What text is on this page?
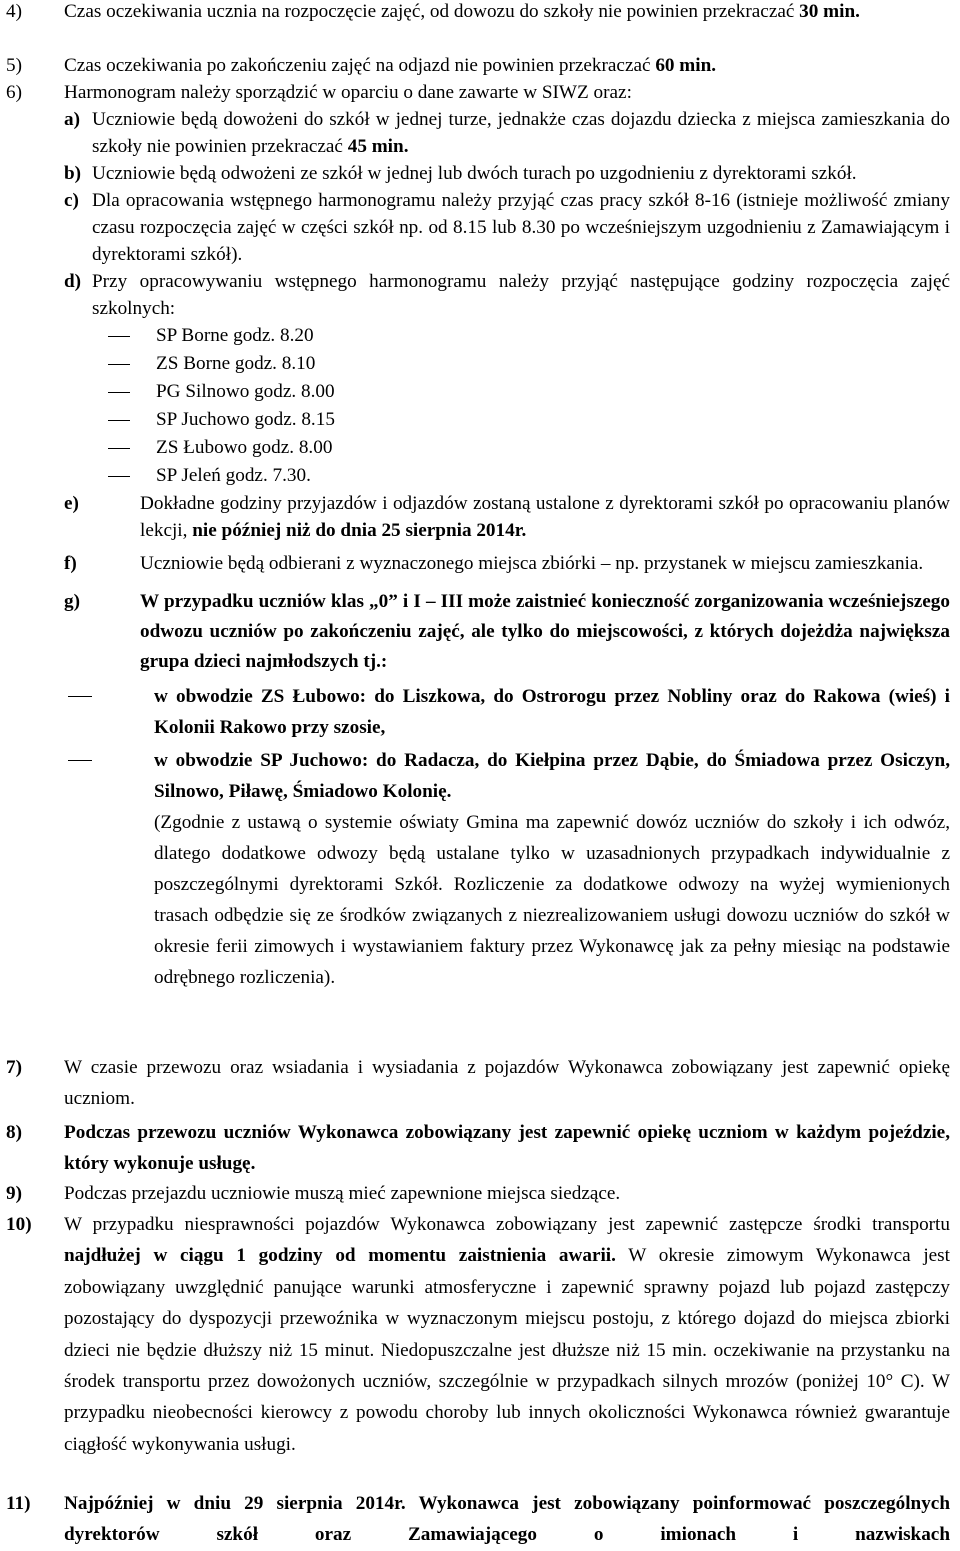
4)	Czas oczekiwania ucznia na rozpoczęcie zajęć, od dowozu do szkoły nie powinien przekraczać 30 min.
5)	Czas oczekiwania po zakończeniu zajęć na odjazd nie powinien przekraczać 60 min.
6)	Harmonogram należy sporządzić w oparciu o dane zawarte w SIWZ oraz:
a) Uczniowie będą dowożeni do szkół w jednej turze, jednakże czas dojazdu dziecka z miejsca zamieszkania do szkoły nie powinien przekraczać 45 min.
b) Uczniowie będą odwożeni ze szkół w jednej lub dwóch turach po uzgodnieniu z dyrektorami szkół.
c) Dla opracowania wstępnego harmonogramu należy przyjąć czas pracy szkół 8-16 (istnieje możliwość zmiany czasu rozpoczęcia zajęć w części szkół np. od 8.15 lub 8.30 po wcześniejszym uzgodnieniu z Zamawiającym i dyrektorami szkół).
d) Przy opracowywaniu wstępnego harmonogramu należy przyjąć następujące godziny rozpoczęcia zajęć szkolnych:
SP Borne godz. 8.20
ZS Borne godz. 8.10
PG Silnowo godz. 8.00
SP Juchowo godz. 8.15
ZS Łubowo godz. 8.00
SP Jeleń godz. 7.30.
e)	Dokładne godziny przyjazdów i odjazdów zostaną ustalone z dyrektorami szkół po opracowaniu planów lekcji, nie później niż do dnia 25 sierpnia 2014r.
f)	Uczniowie będą odbierani z wyznaczonego miejsca zbiórki – np. przystanek w miejscu zamieszkania.
g)	W przypadku uczniów klas „0” i I – III może zaistnieć konieczność zorganizowania wcześniejszego odwozu uczniów po zakończeniu zajęć, ale tylko do miejscowości, z których dojeżdża największa grupa dzieci najmłodszych tj.:
w obwodzie ZS Łubowo: do Liszkowa, do Ostrorogu przez Nobliny oraz do Rakowa (wieś) i Kolonii Rakowo przy szosie,
w obwodzie SP Juchowo: do Radacza, do Kiełpina przez Dąbie, do Śmiadowa przez Osiczyn, Silnowo, Piławę, Śmiadowo Kolonię.
(Zgodnie z ustawą o systemie oświaty Gmina ma zapewnić dowóz uczniów do szkoły i ich odwóz, dlatego dodatkowe odwozy będą ustalane tylko w uzasadnionych przypadkach indywidualnie z poszczególnymi dyrektorami Szkół. Rozliczenie za dodatkowe odwozy na wyżej wymienionych trasach odbędzie się ze środków związanych z niezrealizowaniem usługi dowozu uczniów do szkół w okresie ferii zimowych i wystawianiem faktury przez Wykonawcę jak za pełny miesiąc na podstawie odrębnego rozliczenia).
7)	W czasie przewozu oraz wsiadania i wysiadania z pojazdów Wykonawca zobowiązany jest zapewnić opiekę uczniom.
8)	Podczas przewozu uczniów Wykonawca zobowiązany jest zapewnić opiekę uczniom w każdym pojeździe, który wykonuje usługę.
9)	Podczas przejazdu uczniowie muszą mieć zapewnione miejsca siedzące.
10)	W przypadku niesprawności pojazdów Wykonawca zobowiązany jest zapewnić zastępcze środki transportu najdłużej w ciągu 1 godziny od momentu zaistnienia awarii. W okresie zimowym Wykonawca jest zobowiązany uwzględnić panujące warunki atmosferyczne i zapewnić sprawny pojazd lub pojazd zastępczy pozostający do dyspozycji przewoźnika w wyznaczonym miejscu postoju, z którego dojazd do miejsca zbiorki dzieci nie będzie dłuższy niż 15 minut. Niedopuszczalne jest dłuższe niż 15 min. oczekiwanie na przystanku na środek transportu przez dowożonych uczniów, szczególnie w przypadkach silnych mrozów (poniżej 10° C). W przypadku nieobecności kierowcy z powodu choroby lub innych okoliczności Wykonawca również gwarantuje ciągłość wykonywania usługi.
11)	Najpóźniej w dniu 29 sierpnia 2014r. Wykonawca jest zobowiązany poinformować poszczególnych dyrektorów szkół oraz Zamawiającego o imionach i nazwiskach
